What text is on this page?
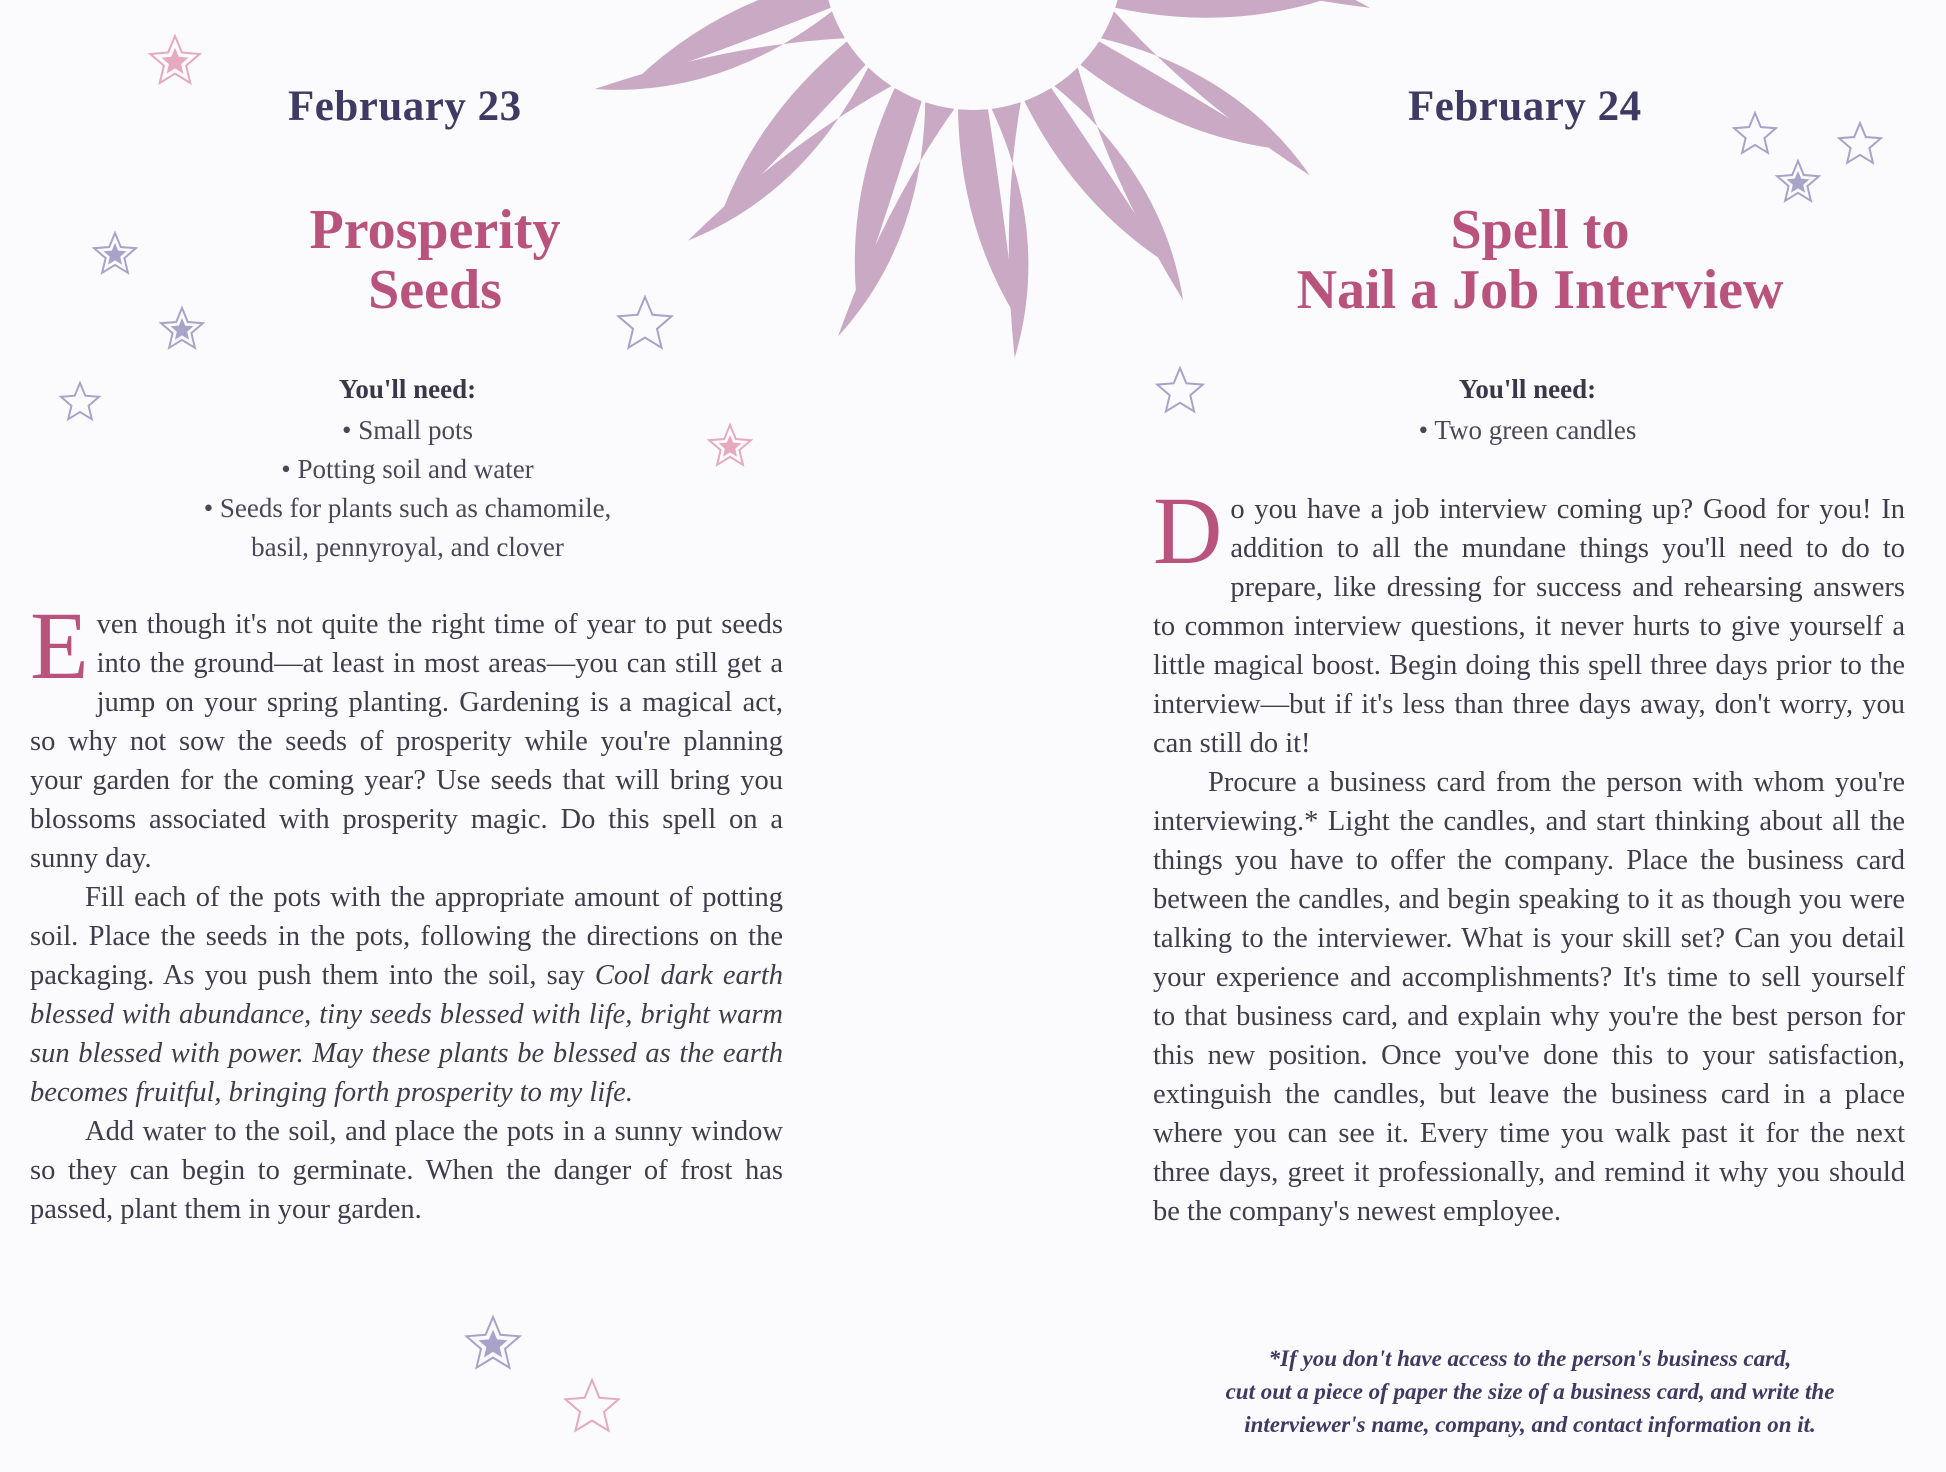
February 23
Prosperity
Seeds
You'll need:
• Small pots
• Potting soil and water
• Seeds for plants such as chamomile,
basil, pennyroyal, and clover

Even though it's not quite the right time of year to put seeds into the ground—at least in most areas—you can still get a jump on your spring planting. Gardening is a magical act, so why not sow the seeds of prosperity while you're planning your garden for the coming year? Use seeds that will bring you blossoms associated with prosperity magic. Do this spell on a sunny day.

Fill each of the pots with the appropriate amount of potting soil. Place the seeds in the pots, following the directions on the packaging. As you push them into the soil, say Cool dark earth blessed with abundance, tiny seeds blessed with life, bright warm sun blessed with power. May these plants be blessed as the earth becomes fruitful, bringing forth prosperity to my life.

Add water to the soil, and place the pots in a sunny window so they can begin to germinate. When the danger of frost has passed, plant them in your garden.

February 24
Spell to
Nail a Job Interview
You'll need:
• Two green candles

Do you have a job interview coming up? Good for you! In addition to all the mundane things you'll need to do to prepare, like dressing for success and rehearsing answers to common interview questions, it never hurts to give yourself a little magical boost. Begin doing this spell three days prior to the interview—but if it's less than three days away, don't worry, you can still do it!

Procure a business card from the person with whom you're interviewing.* Light the candles, and start thinking about all the things you have to offer the company. Place the business card between the candles, and begin speaking to it as though you were talking to the interviewer. What is your skill set? Can you detail your experience and accomplishments? It's time to sell yourself to that business card, and explain why you're the best person for this new position. Once you've done this to your satisfaction, extinguish the candles, but leave the business card in a place where you can see it. Every time you walk past it for the next three days, greet it professionally, and remind it why you should be the company's newest employee.

*If you don't have access to the person's business card,
cut out a piece of paper the size of a business card, and write the
interviewer's name, company, and contact information on it.
